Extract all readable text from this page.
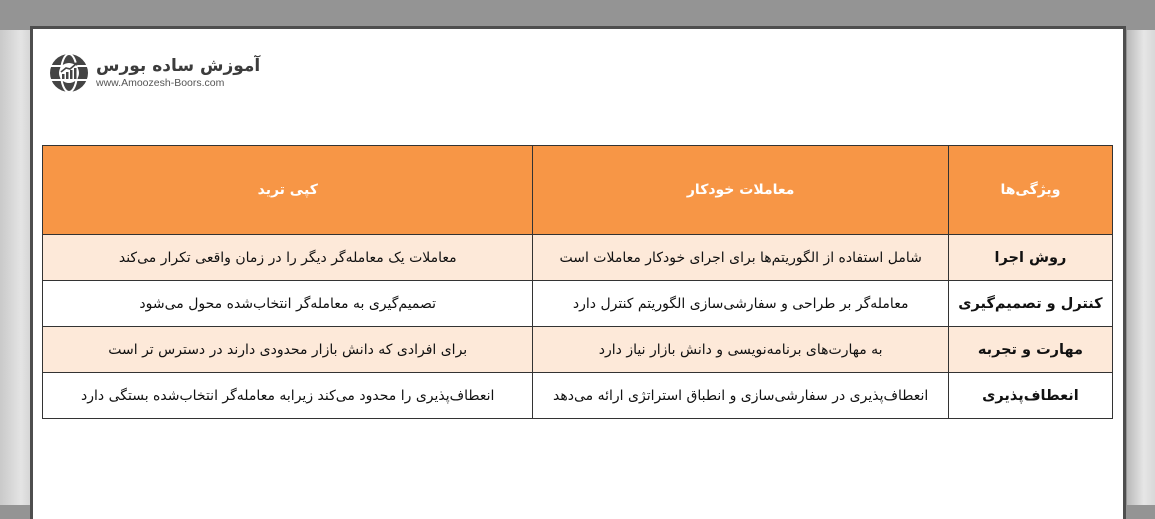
آموزش ساده بورس
www.Amoozesh-Boors.com
ویژگی‌ها	معاملات خودکار	کپی ترید
روش اجرا	شامل استفاده از الگوریتم‌ها برای اجرای خودکار معاملات است	معاملات یک معامله‌گر دیگر را در زمان واقعی تکرار می‌کند
کنترل و تصمیم‌گیری	معامله‌گر بر طراحی و سفارشی‌سازی الگوریتم کنترل دارد	تصمیم‌گیری به معامله‌گر انتخاب‌شده محول می‌شود
مهارت و تجربه	به مهارت‌های برنامه‌نویسی و دانش بازار نیاز دارد	برای افرادی که دانش بازار محدودی دارند در دسترس تر است
انعطاف‌پذیری	انعطاف‌پذیری در سفارشی‌سازی و انطباق استراتژی ارائه می‌دهد	انعطاف‌پذیری را محدود می‌کند زیرابه معامله‌گر انتخاب‌شده بستگی دارد
